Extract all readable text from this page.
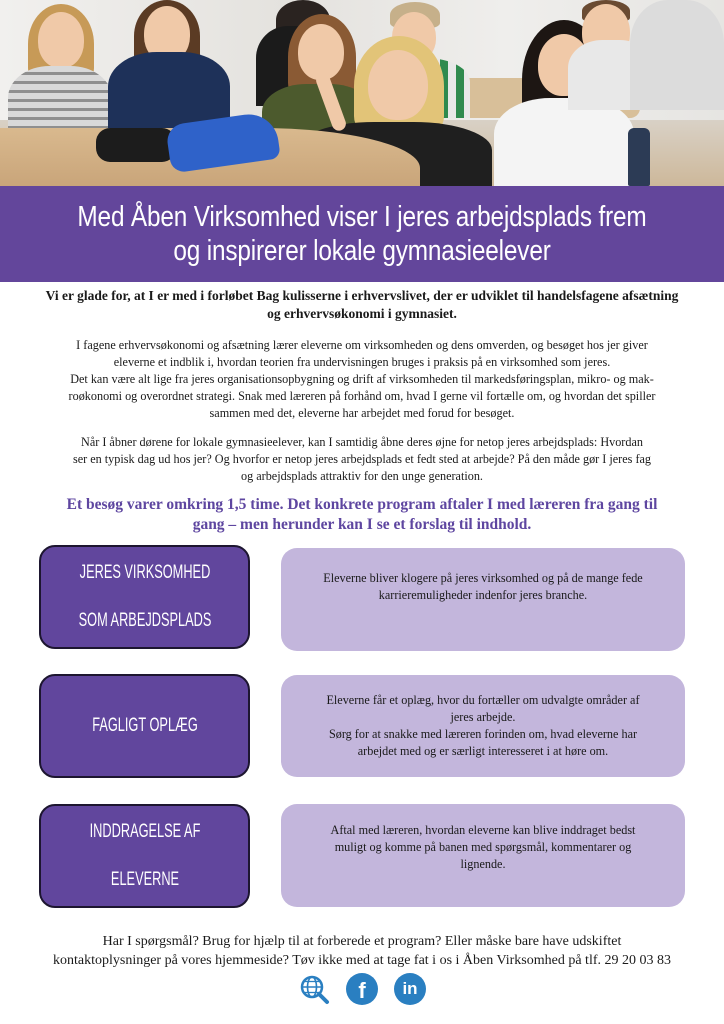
Med Åben Virksomhed viser I jeres arbejdsplads frem
og inspirerer lokale gymnasieelever
Vi er glade for, at I er med i forløbet Bag kulisserne i erhvervslivet, der er udviklet til handelsfagene afsætning og erhvervsøkonomi i gymnasiet.
I fagene erhvervsøkonomi og afsætning lærer eleverne om virksomheden og dens omverden, og besøget hos jer giver
eleverne et indblik i, hvordan teorien fra undervisningen bruges i praksis på en virksomhed som jeres.
Det kan være alt lige fra jeres organisationsopbygning og drift af virksomheden til markedsføringsplan, mikro- og mak-
roøkonomi og overordnet strategi. Snak med læreren på forhånd om, hvad I gerne vil fortælle om, og hvordan det spiller
sammen med det, eleverne har arbejdet med forud for besøget.
Når I åbner dørene for lokale gymnasieelever, kan I samtidig åbne deres øjne for netop jeres arbejdsplads: Hvordan
ser en typisk dag ud hos jer? Og hvorfor er netop jeres arbejdsplads et fedt sted at arbejde? På den måde gør I jeres fag
og arbejdsplads attraktiv for den unge generation.
Et besøg varer omkring 1,5 time. Det konkrete program aftaler I med læreren fra gang til
gang – men herunder kan I se et forslag til indhold.
JERES VIRKSOMHED

SOM ARBEJDSPLADS
Eleverne bliver klogere på jeres virksomhed og på de mange fede
karrieremuligheder indenfor jeres branche.
FAGLIGT OPLÆG
Eleverne får et oplæg, hvor du fortæller om udvalgte områder af
jeres arbejde.
Sørg for at snakke med læreren forinden om, hvad eleverne har
arbejdet med og er særligt interesseret i at høre om.
INDDRAGELSE AF

ELEVERNE
Aftal med læreren, hvordan eleverne kan blive inddraget bedst
muligt og komme på banen med spørgsmål, kommentarer og
lignende.
Har I spørgsmål? Brug for hjælp til at forberede et program? Eller måske bare have udskiftet
kontaktoplysninger på vores hjemmeside? Tøv ikke med at tage fat i os i Åben Virksomhed på tlf. 29 20 03 83
f in
